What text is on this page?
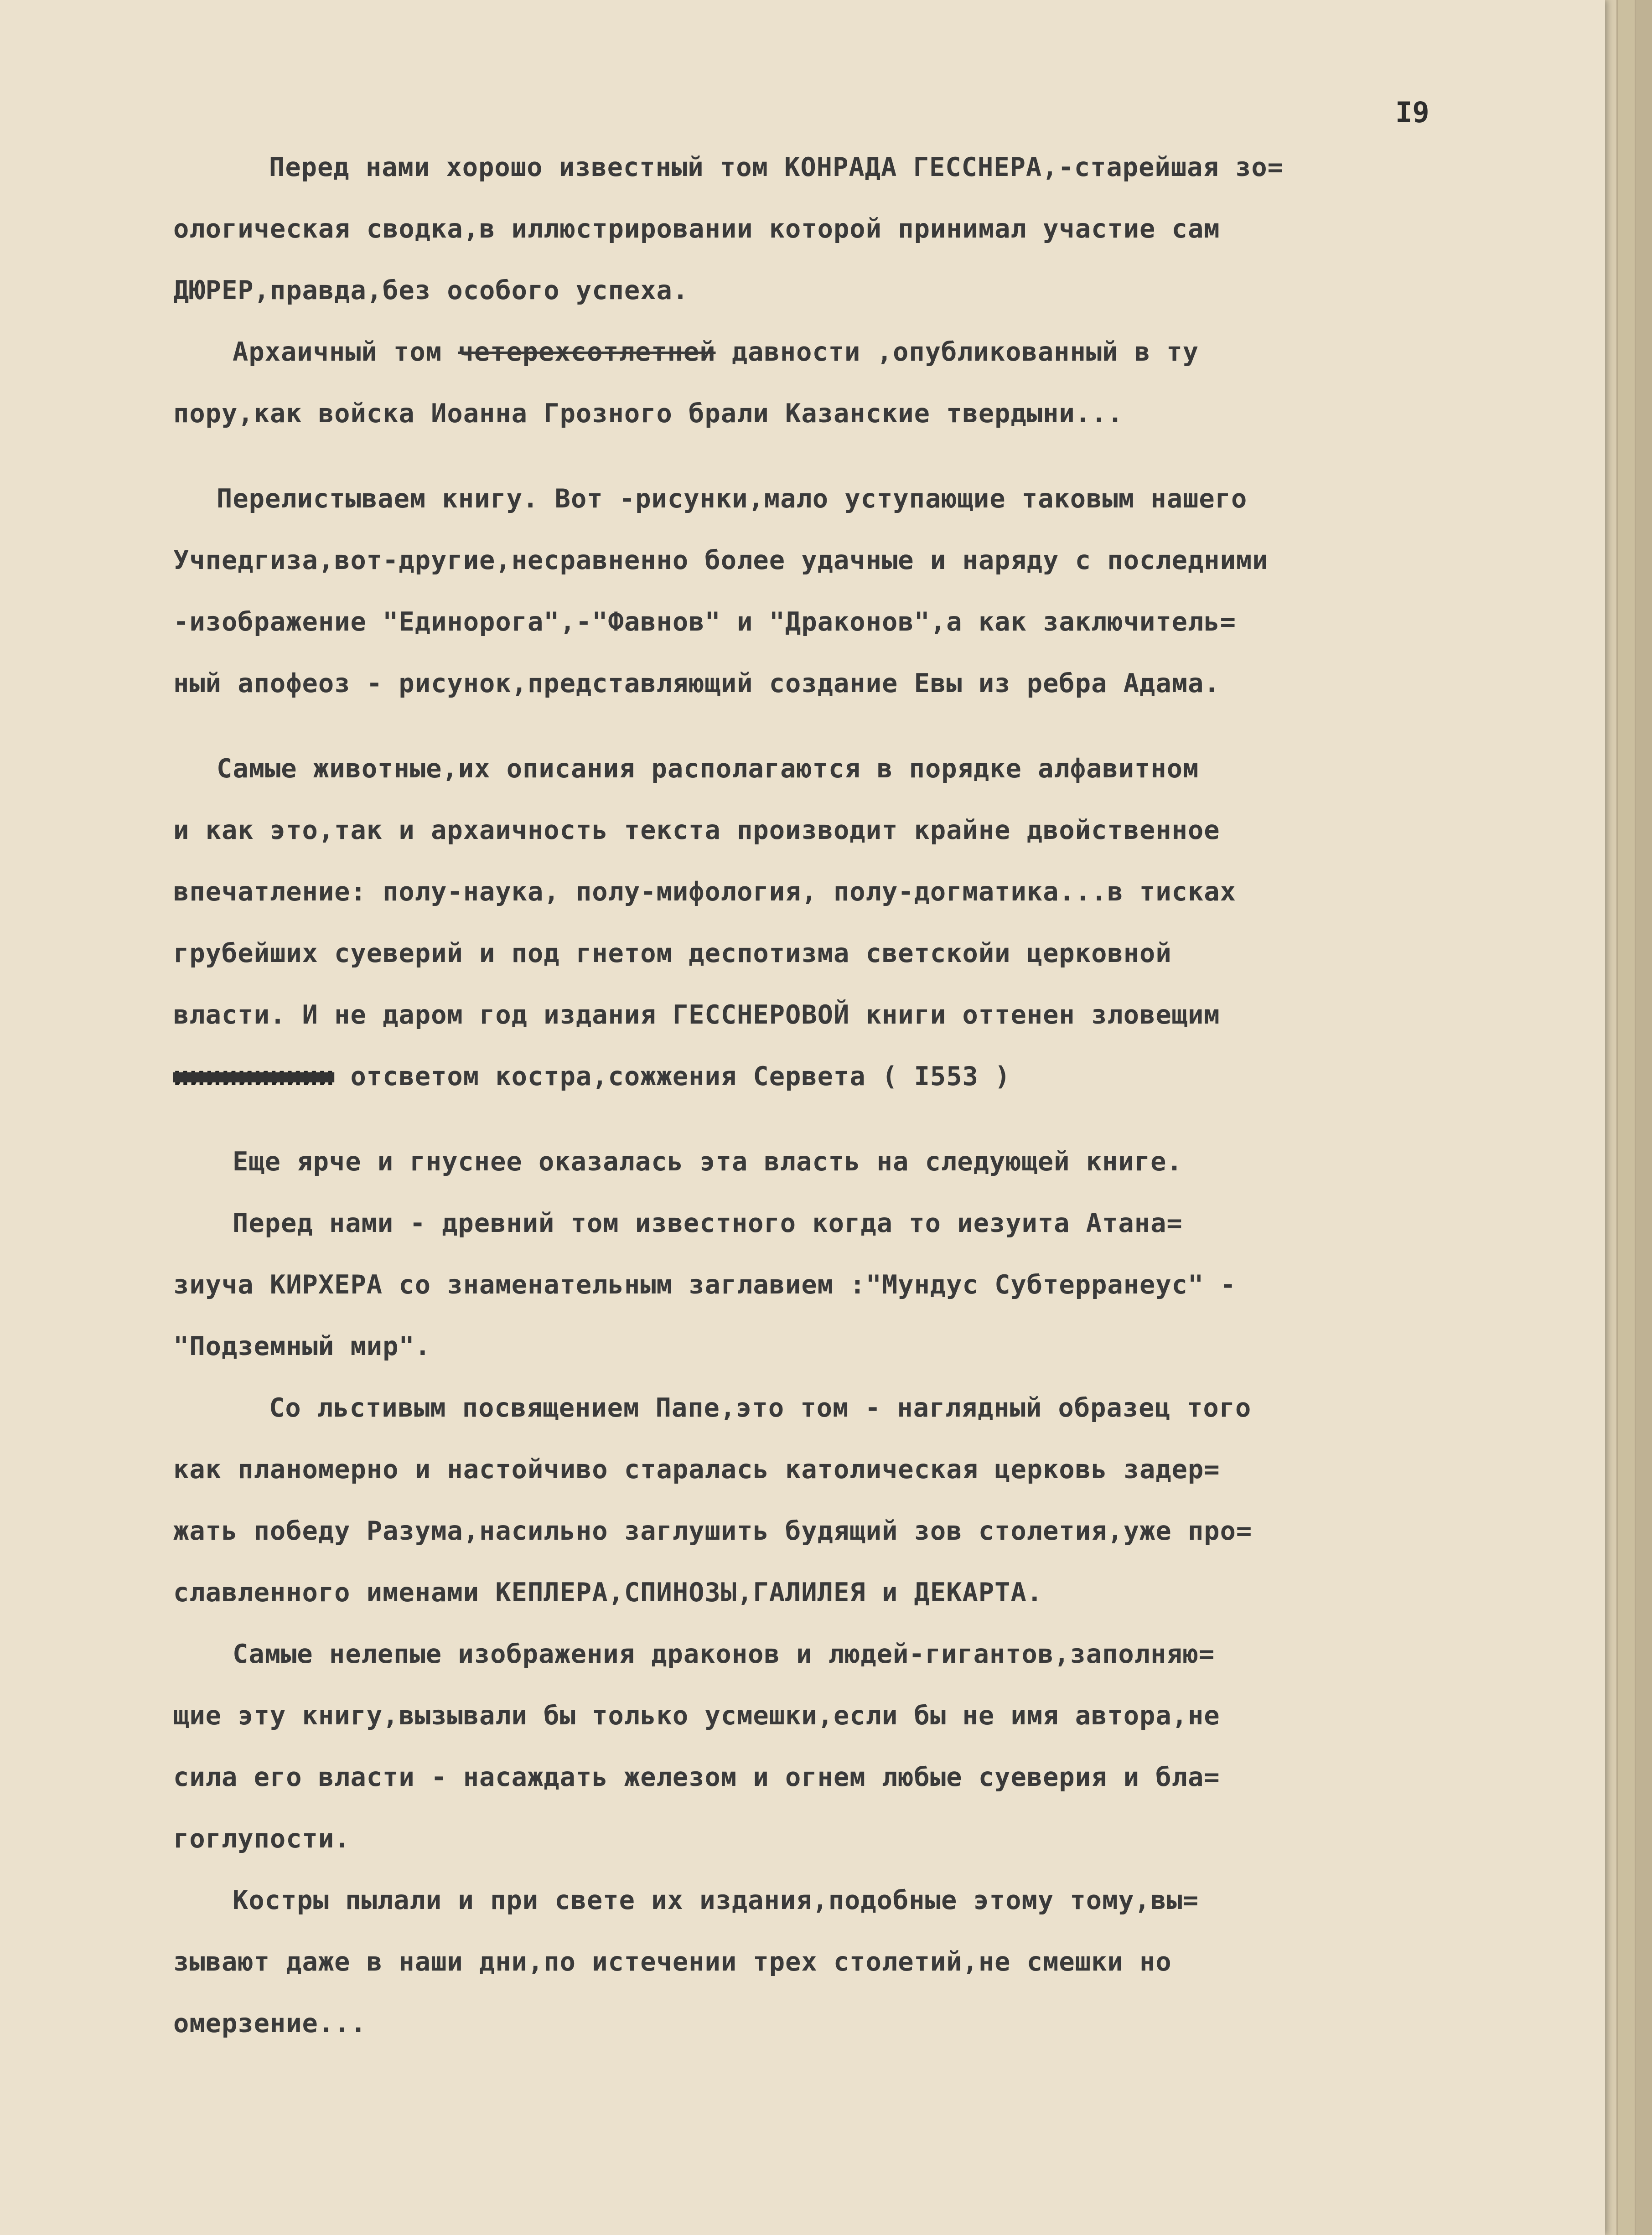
I9
Перед нами хорошо известный том КОНРАДА ГЕССНЕРА,-старейшая зо=
ологическая сводка,в иллюстрировании которой принимал участие сам
ДЮРЕР,правда,без особого успеха.
Архаичный том четерехсотлетней давности ,опубликованный в ту
пору,как войска Иоанна Грозного брали Казанские твердыни...
Перелистываем книгу. Вот -рисунки,мало уступающие таковым нашего
Учпедгиза,вот-другие,несравненно более удачные и наряду с последними
-изображение "Единорога",-"Фавнов" и "Драконов",а как заключитель=
ный апофеоз - рисунок,представляющий создание Евы из ребра Адама.
Самые животные,их описания располагаются в порядке алфавитном
и как это,так и архаичность текста производит крайне двойственное
впечатление: полу-наука, полу-мифология, полу-догматика...в тисках
грубейших суеверий и под гнетом деспотизма светскойи церковной
власти. И не даром год издания ГЕССНЕРОВОЙ книги оттенен зловещим
ииииииииии отсветом костра,сожжения Сервета ( I553 )
Еще ярче и гнуснее оказалась эта власть на следующей книге.
Перед нами - древний том известного когда то иезуита Атана=
зиуча КИРХЕРА со знаменательным заглавием :"Мундус Субтерранеус" -
"Подземный мир".
Со льстивым посвящением Папе,это том - наглядный образец того
как планомерно и настойчиво старалась католическая церковь задер=
жать победу Разума,насильно заглушить будящий зов столетия,уже про=
славленного именами КЕПЛЕРА,СПИНОЗЫ,ГАЛИЛЕЯ и ДЕКАРТА.
Самые нелепые изображения драконов и людей-гигантов,заполняю=
щие эту книгу,вызывали бы только усмешки,если бы не имя автора,не
сила его власти - насаждать железом и огнем любые суеверия и бла=
гоглупости.
Костры пылали и при свете их издания,подобные этому тому,вы=
зывают даже в наши дни,по истечении трех столетий,не смешки но
омерзение...
